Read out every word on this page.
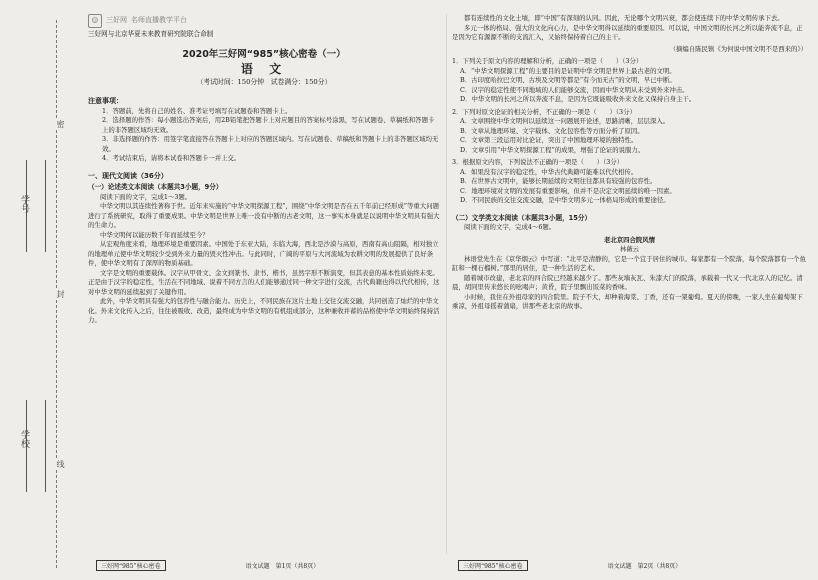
学号
学校
密
封
线
☺	三好网 名师直播教学平台
三好网与北京华夏未来教育研究院联合命制
2020年三好网“985”核心密卷（一）
语 文
（考试时间：150分钟　试卷满分：150分）
注意事项：

1．答题前，先将自己的姓名、准考证号填写在试题卷和答题卡上。

2．选择题的作答：每小题选出答案后，用2B铅笔把答题卡上对应题目的答案标号涂黑，写在试题卷、草稿纸和答题卡上的非答题区域均无效。

3．非选择题的作答：用签字笔直接答在答题卡上对应的答题区域内。写在试题卷、草稿纸和答题卡上的非答题区域均无效。

4．考试结束后，请将本试卷和答题卡一并上交。

一、现代文阅读（36分）
（一）论述类文本阅读（本题共3小题，9分）

阅读下面的文字，完成1～3题。

中华文明以其连续性著称于世。近年来实施的“中华文明探源工程”，围绕“中华文明是否在五千年前已经形成”等重大问题进行了系统研究，取得了重要成果。中华文明是世界上唯一没有中断的古老文明，这一事实本身就足以说明中华文明具有强大的生命力。

中华文明何以能历数千年而延续至今？

从宏观角度来看，地理环境是重要因素。中国处于东亚大陆，东临大海，西北是沙漠与高原，西南有高山阻隔，相对独立的地理单元使中华文明较少受到外来力量的毁灭性冲击。与此同时，广阔的平原与大河流域为农耕文明的发展提供了良好条件，使中华文明有了深厚的物质基础。

文字是文明的重要载体。汉字从甲骨文、金文到篆书、隶书、楷书，虽然字形不断演变，但其表意的基本性质始终未变。正是由于汉字的稳定性，生活在不同地域、说着不同方言的人们能够通过同一种文字进行交流，古代典籍也得以代代相传，这对中华文明的延续起到了关键作用。

此外，中华文明具有强大的包容性与融合能力。历史上，不同民族在这片土地上交往交流交融，共同创造了灿烂的中华文化。外来文化传入之后，往往被吸收、改造，最终成为中华文明的有机组成部分，这种兼收并蓄的品格使中华文明始终保持活力。

三好网“985”核心密卷	语文试题　第1页（共8页）

都有连续性的文化土壤，即“中国”有深刻的认同。因此，无论哪个文明兴衰，都会使连续下的中华文明传承下去。

多元一体的格局、强大的文化向心力，是中华文明得以延续的重要原因。可以说，中国文明的长河之所以能奔流不息，正是因为它有源源不断的支流汇入，又始终保持着自己的主干。

（摘编自陈民镇《为何说中国文明不是西来的》）

1．下列关于原文内容的理解和分析，正确的一项是（　　）（3分）

A．“中华文明探源工程”的主要目的是证明中华文明是世界上最古老的文明。

B．古印度哈拉巴文明、古埃及文明等都是“有今而无古”的文明，早已中断。

C．汉字的稳定性使不同地域的人们能够交流，因而中华文明从未受到外来冲击。

D．中华文明的长河之所以奔流不息，是因为它既能吸收外来文化又保持自身主干。

2．下列对原文论证的相关分析，不正确的一项是（　　）（3分）

A．文章围绕中华文明何以延续这一问题展开论述，思路清晰，层层深入。

B．文章从地理环境、文字载体、文化包容性等方面分析了原因。

C．文章第三段运用对比论证，突出了中国地理环境的独特性。

D．文章引用“中华文明探源工程”的成果，增强了论证的说服力。

3．根据原文内容，下列说法不正确的一项是（　　）（3分）

A．如果没有汉字的稳定性，中华古代典籍可能难以代代相传。

B．在世界古文明中，能够长期延续的文明往往都具有较强的包容性。

C．地理环境对文明的发展有重要影响，但并不是决定文明延续的唯一因素。

D．不同民族的交往交流交融，是中华文明多元一体格局形成的重要途径。

（二）文学类文本阅读（本题共3小题，15分）

阅读下面的文字，完成4～6题。

老北京四合院风情
林薇云

林语堂先生在《京华烟云》中写道：“北平是清静的，它是一个宜于居住的城市。每家都有一个院落，每个院落都有一个鱼缸和一棵石榴树。”那里的居住，是一种生活的艺术。

随着城市改建，老北京的四合院已经越来越少了。那些灰墙灰瓦、朱漆大门的院落，承载着一代又一代北京人的记忆。清晨，胡同里传来悠长的吆喝声；黄昏，院子里飘出饭菜的香味。

小时候，我住在外祖母家的四合院里。院子不大，却种着海棠、丁香，还有一架葡萄。夏天的傍晚，一家人坐在葡萄架下乘凉，外祖母摇着蒲扇，讲那些老北京的故事。

三好网“985”核心密卷	语文试题　第2页（共8页）
